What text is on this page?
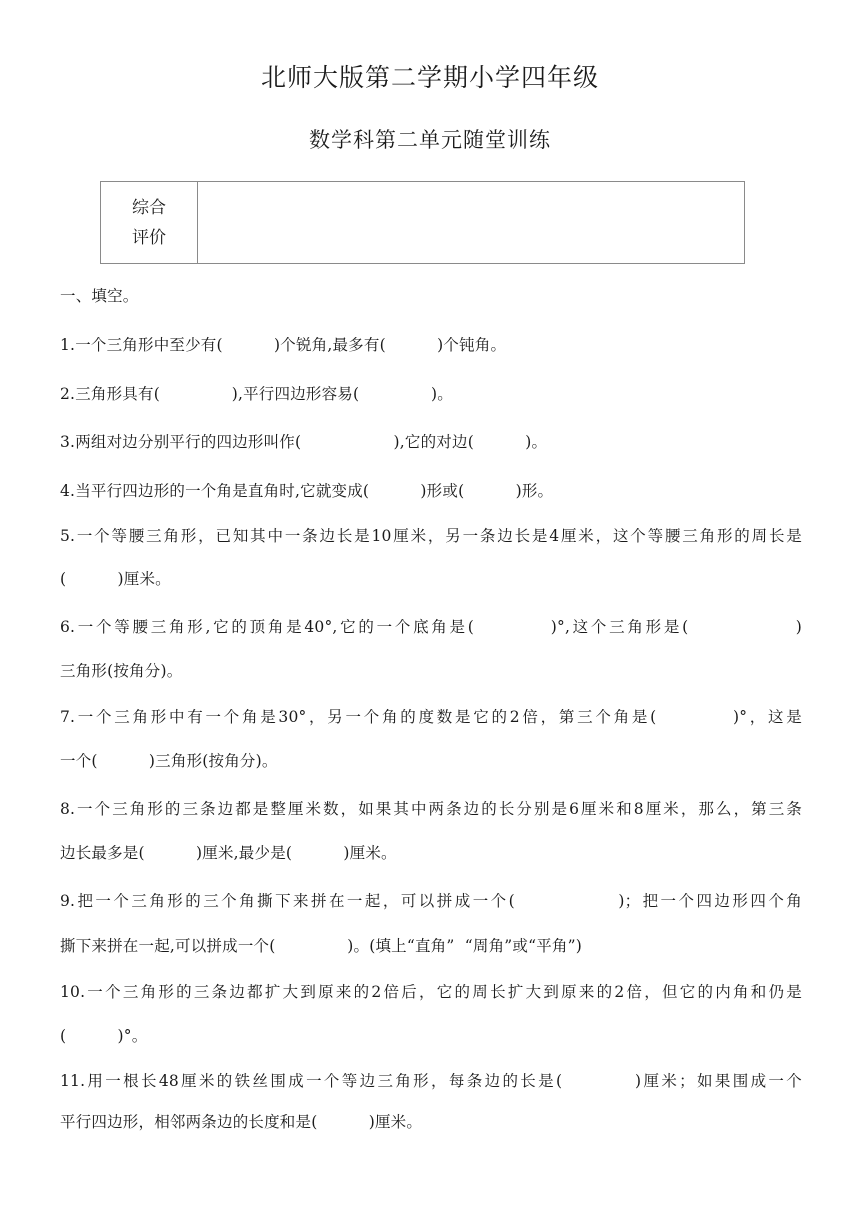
北师大版第二学期小学四年级
数学科第二单元随堂训练
综合
评价
一、填空。
1.一个三角形中至少有(          )个锐角,最多有(          )个钝角。
2.三角形具有(              ),平行四边形容易(              )。
3.两组对边分别平行的四边形叫作(                  ),它的对边(          )。
4.当平行四边形的一个角是直角时,它就变成(          )形或(          )形。
5.一个等腰三角形，已知其中一条边长是10厘米，另一条边长是4厘米，这个等腰三角形的周长是
(          )厘米。
6.一个等腰三角形,它的顶角是40°,它的一个底角是(          )°,这个三角形是(              )
三角形(按角分)。
7.一个三角形中有一个角是30°，另一个角的度数是它的2倍，第三个角是(          )°，这是
一个(          )三角形(按角分)。
8.一个三角形的三条边都是整厘米数，如果其中两条边的长分别是6厘米和8厘米，那么，第三条
边长最多是(          )厘米,最少是(          )厘米。
9.把一个三角形的三个角撕下来拼在一起，可以拼成一个(              )；把一个四边形四个角
撕下来拼在一起,可以拼成一个(              )。(填上“直角”  “周角”或“平角”)
10.一个三角形的三条边都扩大到原来的2倍后，它的周长扩大到原来的2倍，但它的内角和仍是
(          )°。
11.用一根长48厘米的铁丝围成一个等边三角形，每条边的长是(          )厘米；如果围成一个
平行四边形，相邻两条边的长度和是(          )厘米。
